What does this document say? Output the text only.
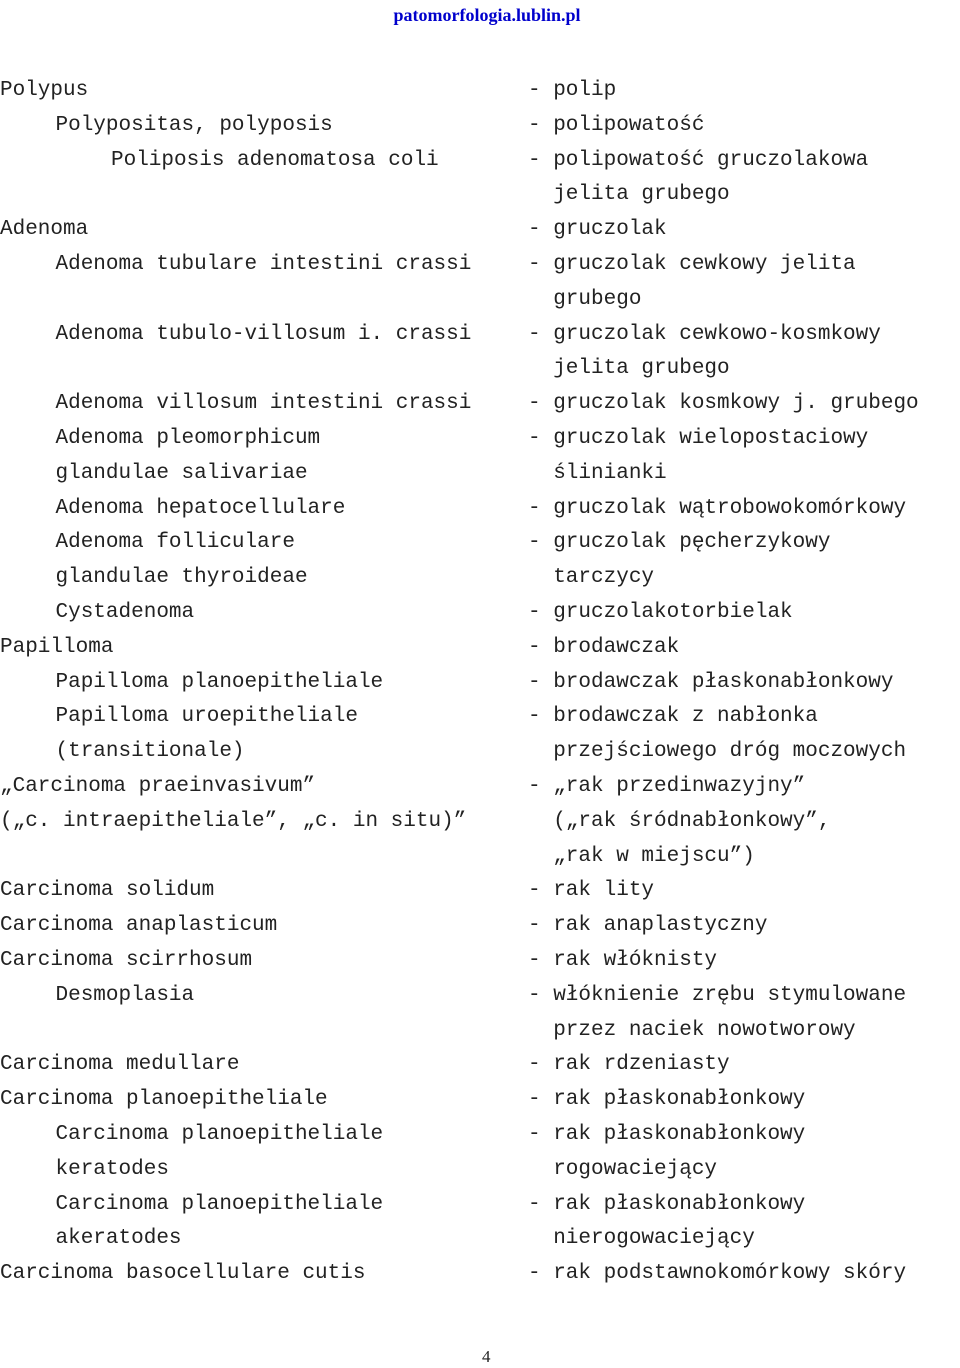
patomorfologia.lublin.pl
Polypus	- polip
Polypositas, polyposis	- polipowatość
Poliposis adenomatosa coli	- polipowatość gruczolakowa
jelita grubego
Adenoma	- gruczolak
Adenoma tubulare intestini crassi	- gruczolak cewkowy jelita
grubego
Adenoma tubulo-villosum i. crassi	- gruczolak cewkowo-kosmkowy
jelita grubego
Adenoma villosum intestini crassi	- gruczolak kosmkowy j. grubego
Adenoma pleomorphicum	- gruczolak wielopostaciowy
glandulae salivariae	ślinianki
Adenoma hepatocellulare	- gruczolak wątrobowokomórkowy
Adenoma folliculare	- gruczolak pęcherzykowy
glandulae thyroideae	tarczycy
Cystadenoma	- gruczolakotorbielak
Papilloma	- brodawczak
Papilloma planoepitheliale	- brodawczak płaskonabłonkowy
Papilloma uroepitheliale	- brodawczak z nabłonka
(transitionale)	przejściowego dróg moczowych
„Carcinoma praeinvasivum”	- „rak przedinwazyjny”
(„c. intraepitheliale”, „c. in situ)”	(„rak śródnabłonkowy”,
„rak w miejscu”)
Carcinoma solidum	- rak lity
Carcinoma anaplasticum	- rak anaplastyczny
Carcinoma scirrhosum	- rak włóknisty
Desmoplasia	- włóknienie zrębu stymulowane
przez naciek nowotworowy
Carcinoma medullare	- rak rdzeniasty
Carcinoma planoepitheliale	- rak płaskonabłonkowy
Carcinoma planoepitheliale	- rak płaskonabłonkowy
keratodes	rogowaciejący
Carcinoma planoepitheliale	- rak płaskonabłonkowy
akeratodes	nierogowaciejący
Carcinoma basocellulare cutis	- rak podstawnokomórkowy skóry
4
